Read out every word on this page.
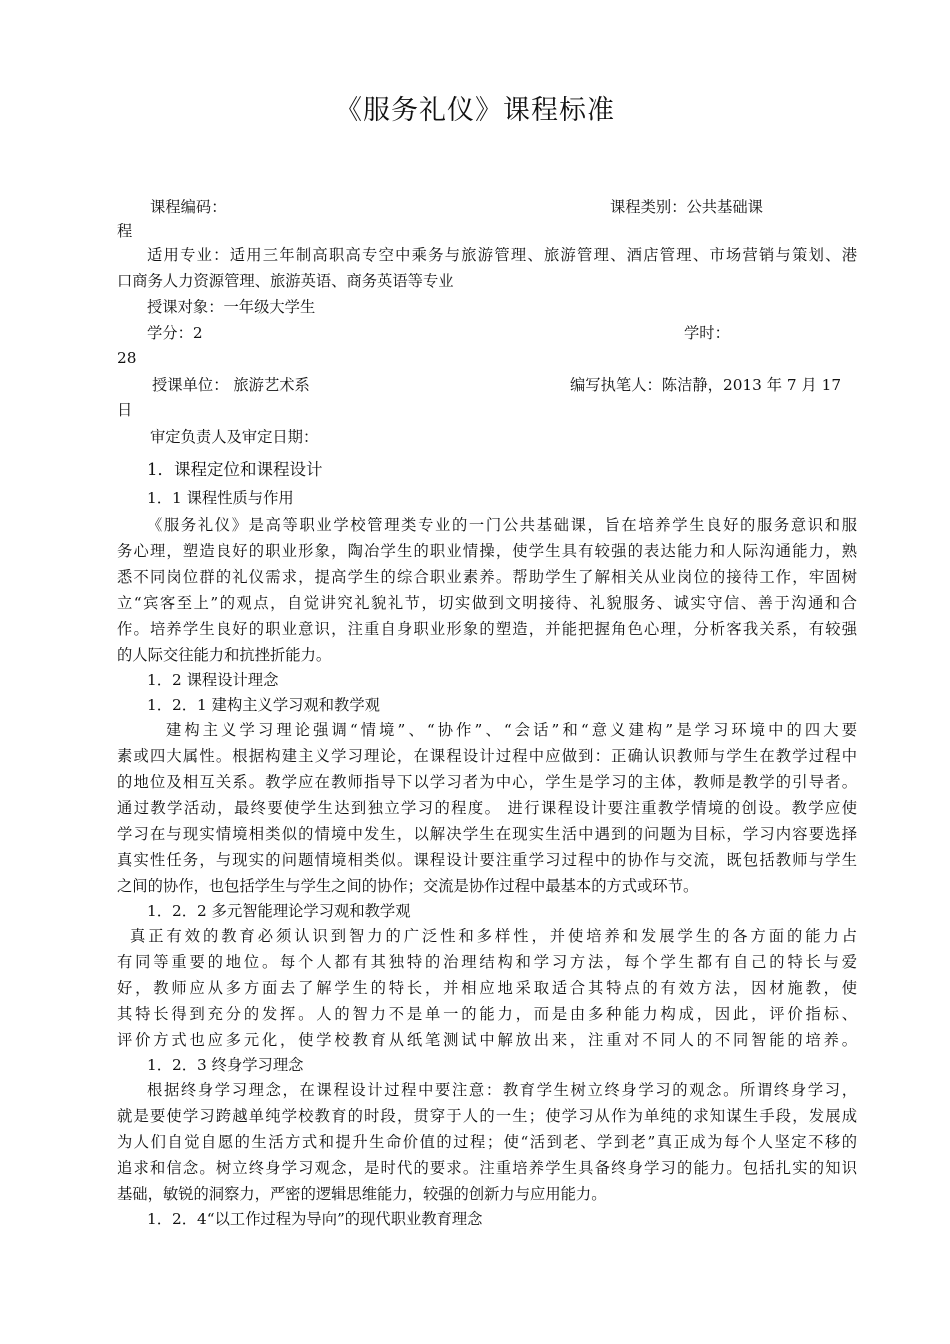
《服务礼仪》课程标准
课程编码：	课程类别：公共基础课
程
适用专业：适用三年制高职高专空中乘务与旅游管理、旅游管理、酒店管理、市场营销与策划、港
口商务人力资源管理、旅游英语、商务英语等专业
授课对象：一年级大学生
学分：2	学时：
28
授课单位： 旅游艺术系	编写执笔人：陈洁静，2013 年 7 月 17
日
审定负责人及审定日期：
1．课程定位和课程设计
1．1 课程性质与作用
《服务礼仪》是高等职业学校管理类专业的一门公共基础课，旨在培养学生良好的服务意识和服
务心理，塑造良好的职业形象，陶冶学生的职业情操，使学生具有较强的表达能力和人际沟通能力，熟
悉不同岗位群的礼仪需求，提高学生的综合职业素养。帮助学生了解相关从业岗位的接待工作，牢固树
立“宾客至上”的观点，自觉讲究礼貌礼节，切实做到文明接待、礼貌服务、诚实守信、善于沟通和合
作。培养学生良好的职业意识，注重自身职业形象的塑造，并能把握角色心理，分析客我关系，有较强
的人际交往能力和抗挫折能力。
1．2 课程设计理念
1．2．1 建构主义学习观和教学观
建构主义学习理论强调“情境”、“协作”、“会话”和“意义建构”是学习环境中的四大要
素或四大属性。根据构建主义学习理论，在课程设计过程中应做到：正确认识教师与学生在教学过程中
的地位及相互关系。教学应在教师指导下以学习者为中心，学生是学习的主体，教师是教学的引导者。
通过教学活动，最终要使学生达到独立学习的程度。 进行课程设计要注重教学情境的创设。教学应使
学习在与现实情境相类似的情境中发生，以解决学生在现实生活中遇到的问题为目标，学习内容要选择
真实性任务，与现实的问题情境相类似。课程设计要注重学习过程中的协作与交流，既包括教师与学生
之间的协作，也包括学生与学生之间的协作；交流是协作过程中最基本的方式或环节。
1．2．2 多元智能理论学习观和教学观
真正有效的教育必须认识到智力的广泛性和多样性，并使培养和发展学生的各方面的能力占
有同等重要的地位。每个人都有其独特的治理结构和学习方法，每个学生都有自己的特长与爱
好，教师应从多方面去了解学生的特长，并相应地采取适合其特点的有效方法，因材施教，使
其特长得到充分的发挥。人的智力不是单一的能力，而是由多种能力构成，因此，评价指标、
评价方式也应多元化，使学校教育从纸笔测试中解放出来，注重对不同人的不同智能的培养。
1．2．3 终身学习理念
根据终身学习理念，在课程设计过程中要注意：教育学生树立终身学习的观念。所谓终身学习，
就是要使学习跨越单纯学校教育的时段，贯穿于人的一生；使学习从作为单纯的求知谋生手段，发展成
为人们自觉自愿的生活方式和提升生命价值的过程；使“活到老、学到老”真正成为每个人坚定不移的
追求和信念。树立终身学习观念，是时代的要求。注重培养学生具备终身学习的能力。包括扎实的知识
基础，敏锐的洞察力，严密的逻辑思维能力，较强的创新力与应用能力。
1．2．4“以工作过程为导向”的现代职业教育理念
